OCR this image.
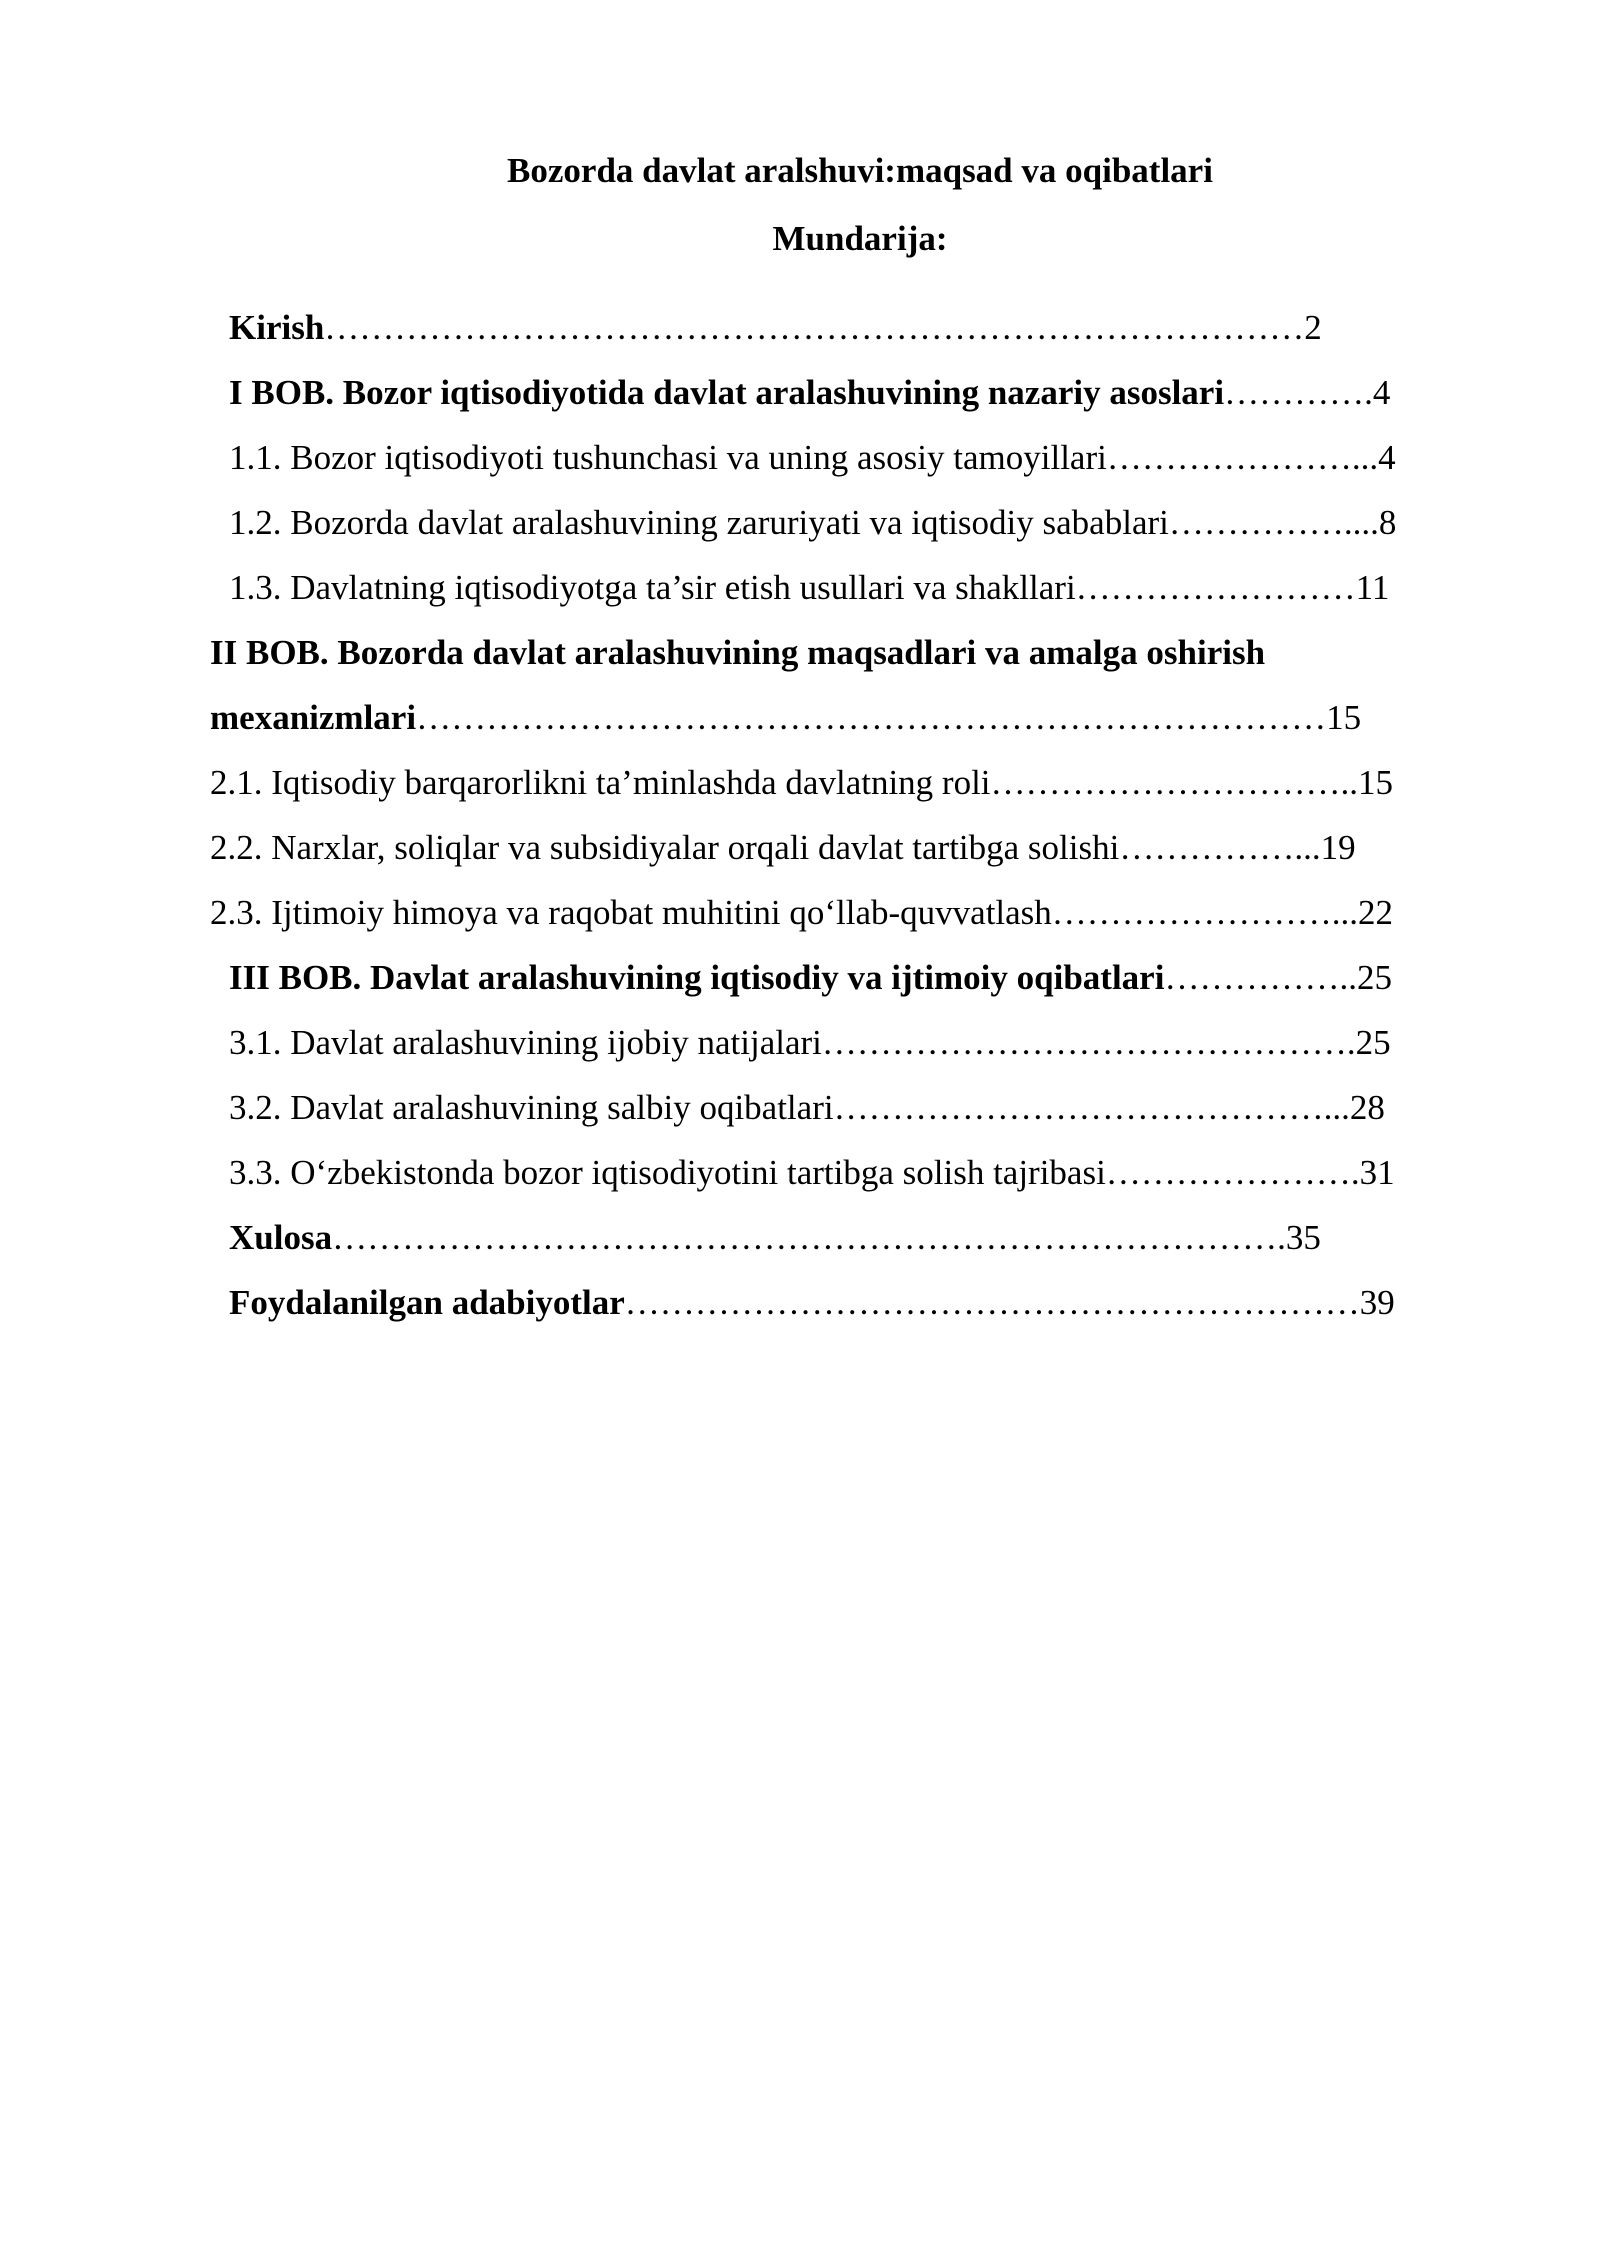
Bozorda davlat aralshuvi:maqsad va oqibatlari
Mundarija:
Kirish…………………………………………………………………………2
I BOB. Bozor iqtisodiyotida davlat aralashuvining nazariy asoslari………….4
1.1. Bozor iqtisodiyoti tushunchasi va uning asosiy tamoyillari…………………...4
1.2. Bozorda davlat aralashuvining zaruriyati va iqtisodiy sabablari……………....8
1.3. Davlatning iqtisodiyotga ta’sir etish usullari va shakllari……………………11
II BOB. Bozorda davlat aralashuvining maqsadlari va amalga oshirish
mexanizmlari……………………………………………………………………15
2.1. Iqtisodiy barqarorlikni ta’minlashda davlatning roli…………………………..15
2.2. Narxlar, soliqlar va subsidiyalar orqali davlat tartibga solishi……………...19
2.3. Ijtimoiy himoya va raqobat muhitini qo‘llab-quvvatlash……………………...22
III BOB. Davlat aralashuvining iqtisodiy va ijtimoiy oqibatlari……………..25
3.1. Davlat aralashuvining ijobiy natijalari……………………………………….25
3.2. Davlat aralashuvining salbiy oqibatlari……………………………………...28
3.3. O‘zbekistonda bozor iqtisodiyotini tartibga solish tajribasi………………….31
Xulosa……………………………………………………………………….35
Foydalanilgan adabiyotlar………………………………………………………39
